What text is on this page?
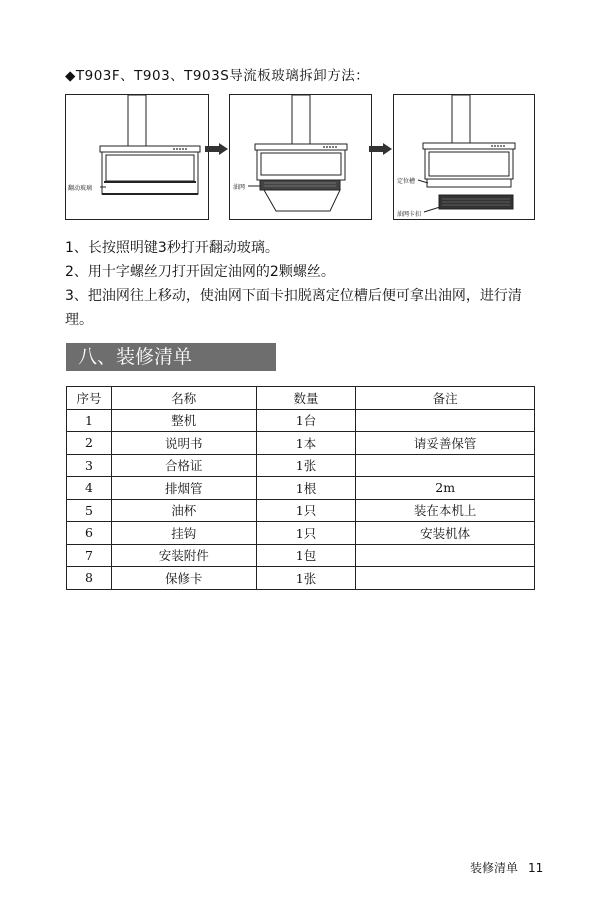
◆T903F、T903、T903S导流板玻璃拆卸方法：
翻动玻璃	油网
定位槽
油网卡扣

1、长按照明键3秒打开翻动玻璃。

2、用十字螺丝刀打开固定油网的2颗螺丝。

3、把油网往上移动，使油网下面卡扣脱离定位槽后便可拿出油网，进行清理。

八、装修清单
序号	名称	数量	备注
1	整机	1台	
2	说明书	1本	请妥善保管
3	合格证	1张	
4	排烟管	1根	2m
5	油杯	1只	装在本机上
6	挂钩	1只	安装机体
7	安装附件	1包	
8	保修卡	1张	
装修清单 11
